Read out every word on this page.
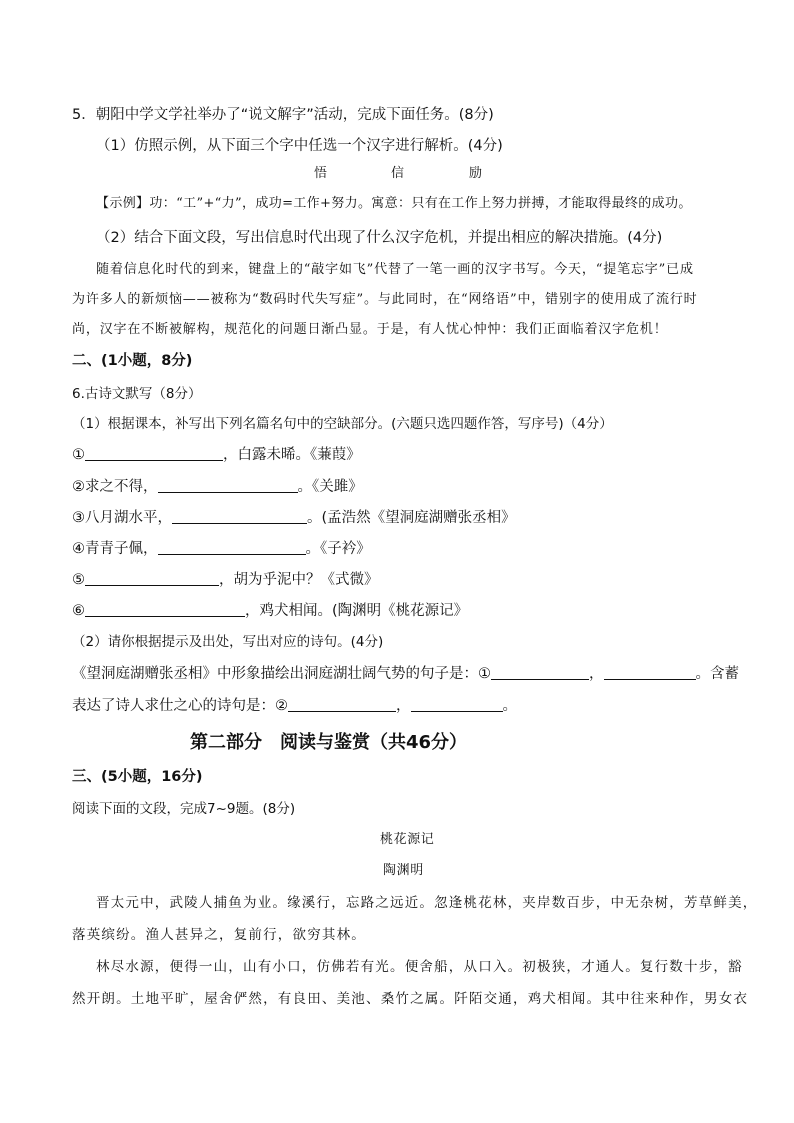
5．朝阳中学文学社举办了“说文解字”活动，完成下面任务。(8分)
（1）仿照示例，从下面三个字中任选一个汉字进行解析。(4分)
悟	信	励
【示例】功：“工”+“力”，成功=工作+努力。寓意：只有在工作上努力拼搏，才能取得最终的成功。
（2）结合下面文段，写出信息时代出现了什么汉字危机，并提出相应的解决措施。(4分)
随着信息化时代的到来，键盘上的“敲字如飞”代替了一笔一画的汉字书写。今天，“提笔忘字”已成
为许多人的新烦恼——被称为“数码时代失写症”。与此同时，在“网络语”中，错别字的使用成了流行时
尚，汉字在不断被解构，规范化的问题日渐凸显。于是，有人忧心忡忡：我们正面临着汉字危机！
二、(1小题，8分)
6.古诗文默写（8分）
（1）根据课本，补写出下列名篇名句中的空缺部分。(六题只选四题作答，写序号)（4分）
①	，白露未晞。《蒹葭》
②求之不得，	。《关雎》
③八月湖水平，	。(孟浩然《望洞庭湖赠张丞相》
④青青子佩，	。《子衿》
⑤	，胡为乎泥中？《式微》
⑥	，鸡犬相闻。(陶渊明《桃花源记》
（2）请你根据提示及出处，写出对应的诗句。(4分)
《望洞庭湖赠张丞相》中形象描绘出洞庭湖壮阔气势的句子是：①	，	。含蓄
表达了诗人求仕之心的诗句是：②	，	。
第二部分　阅读与鉴赏（共46分）
三、(5小题，16分)
阅读下面的文段，完成7~9题。(8分)
桃花源记
陶渊明
晋太元中，武陵人捕鱼为业。缘溪行，忘路之远近。忽逢桃花林，夹岸数百步，中无杂树，芳草鲜美，
落英缤纷。渔人甚异之，复前行，欲穷其林。
林尽水源，便得一山，山有小口，仿佛若有光。便舍船，从口入。初极狭，才通人。复行数十步，豁
然开朗。土地平旷，屋舍俨然，有良田、美池、桑竹之属。阡陌交通，鸡犬相闻。其中往来种作，男女衣
